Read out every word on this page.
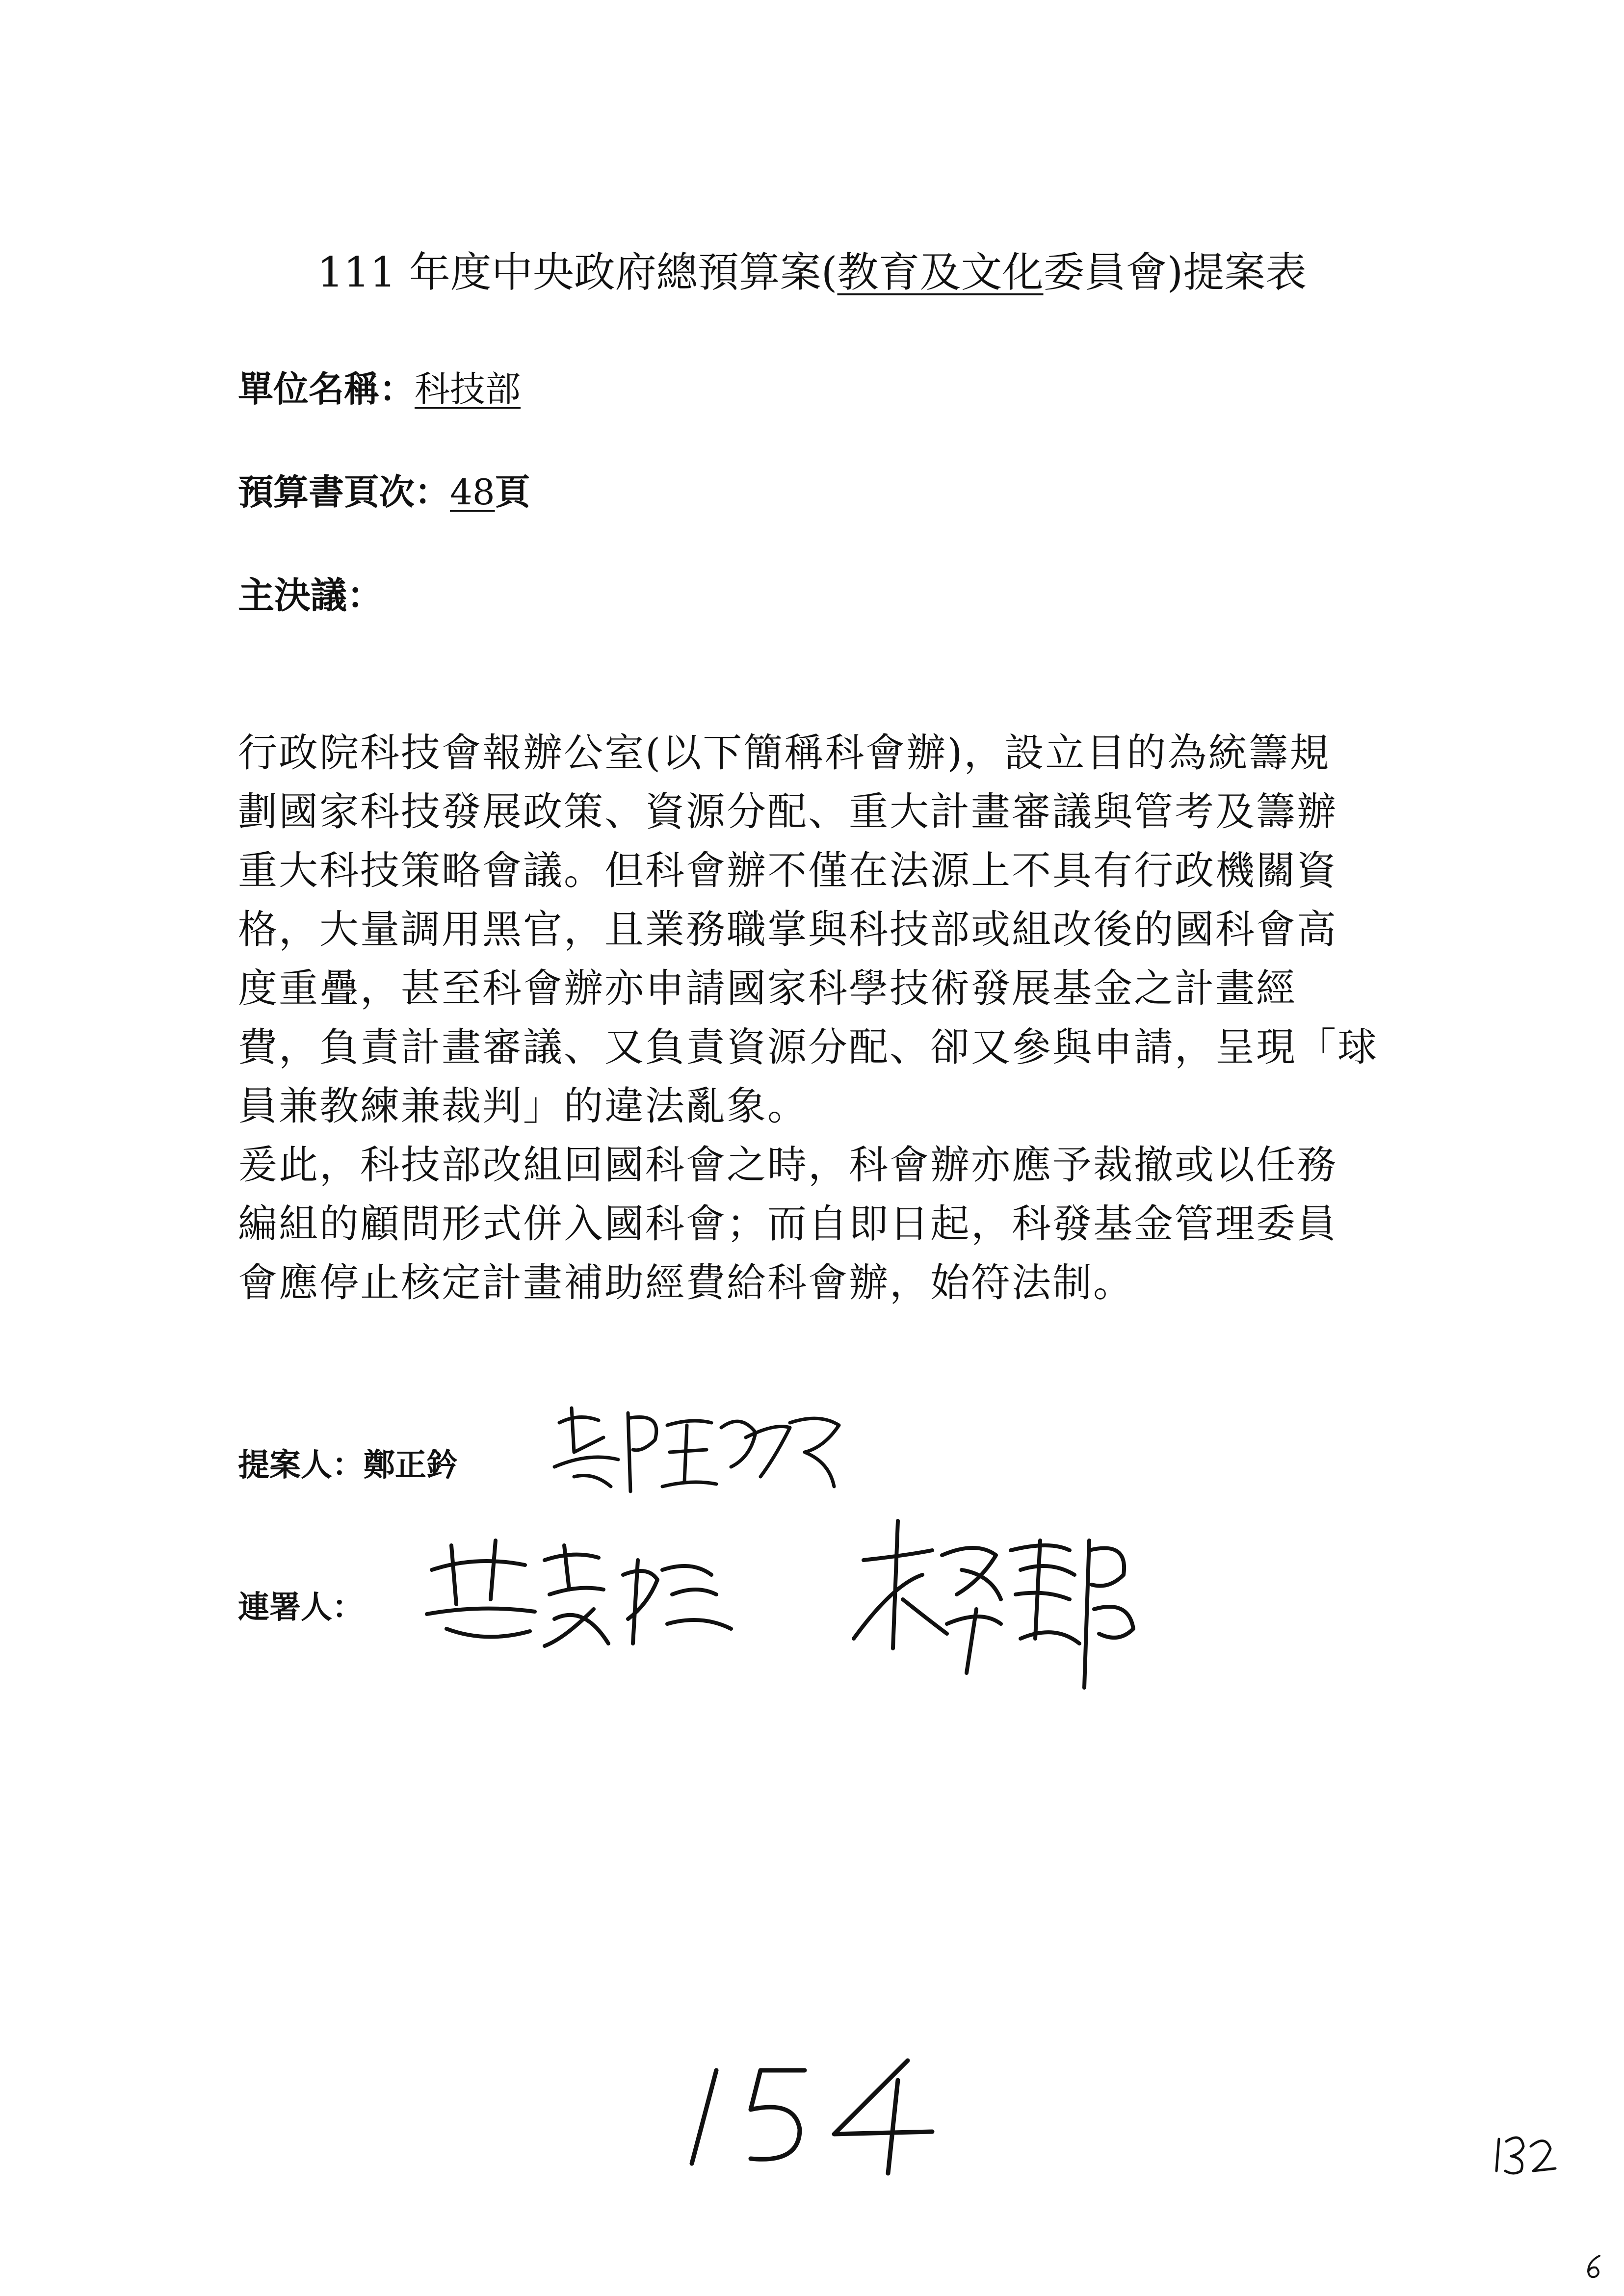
111 年度中央政府總預算案(教育及文化委員會)提案表
單位名稱：科技部
預算書頁次：48頁
主決議：
行政院科技會報辦公室(以下簡稱科會辦)，設立目的為統籌規
劃國家科技發展政策、資源分配、重大計畫審議與管考及籌辦
重大科技策略會議。但科會辦不僅在法源上不具有行政機關資
格，大量調用黑官，且業務職掌與科技部或組改後的國科會高
度重疊，甚至科會辦亦申請國家科學技術發展基金之計畫經
費，負責計畫審議、又負責資源分配、卻又參與申請，呈現「球
員兼教練兼裁判」的違法亂象。
爰此，科技部改組回國科會之時，科會辦亦應予裁撤或以任務
編組的顧問形式併入國科會；而自即日起，科發基金管理委員
會應停止核定計畫補助經費給科會辦，始符法制。
提案人：鄭正鈐
連署人：
154
